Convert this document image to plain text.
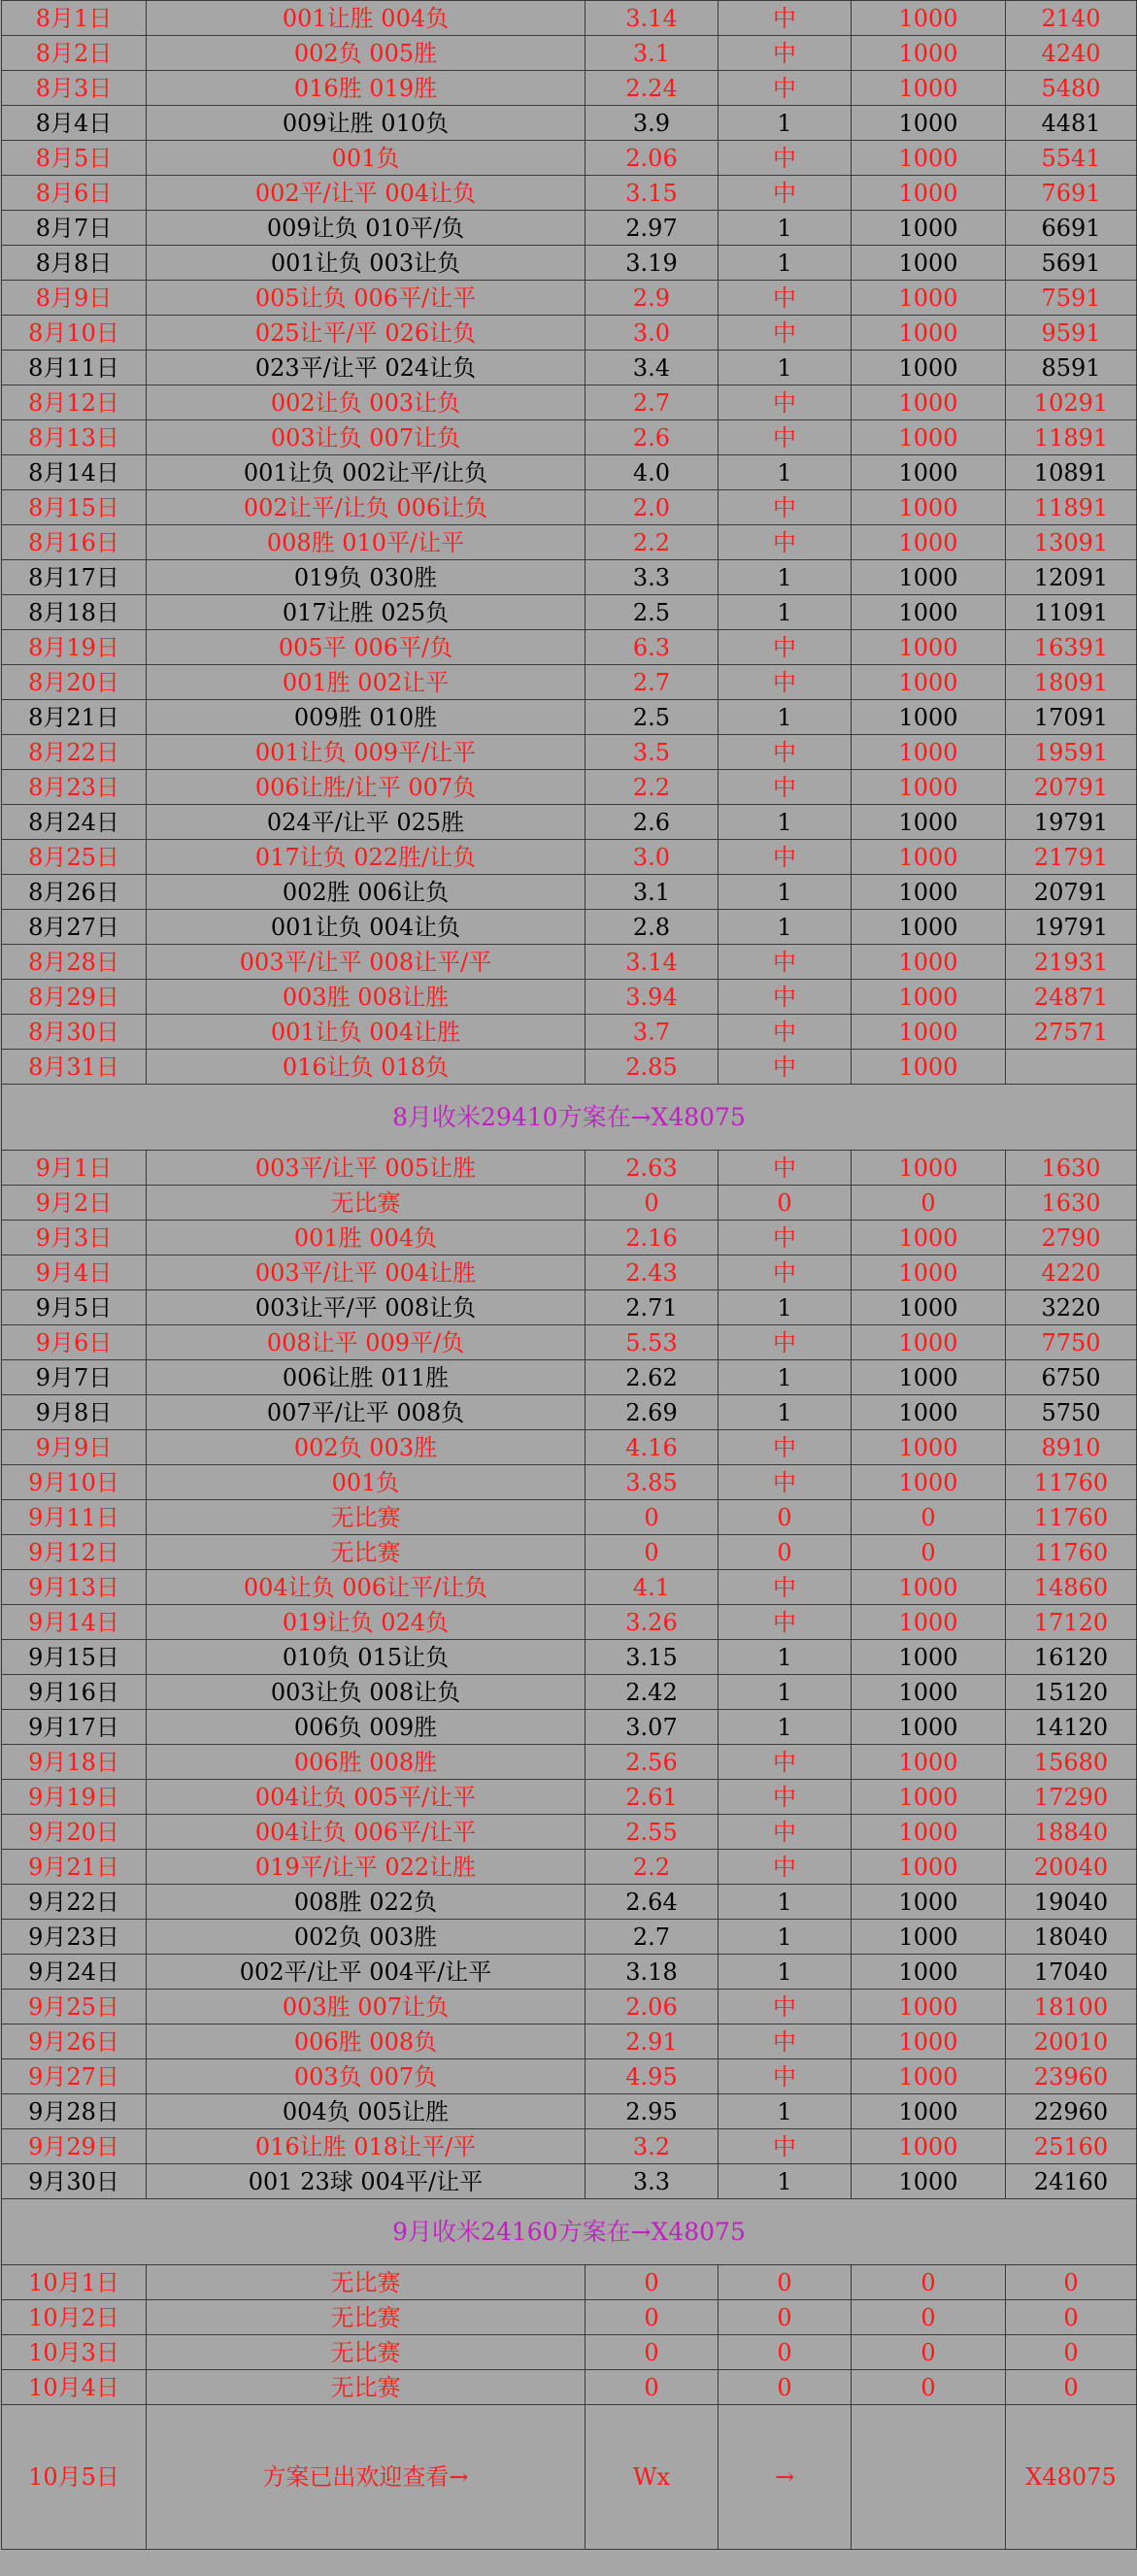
8月1日	001让胜 004负	3.14	中	1000	2140
8月2日	002负 005胜	3.1	中	1000	4240
8月3日	016胜 019胜	2.24	中	1000	5480
8月4日	009让胜 010负	3.9	1	1000	4481
8月5日	001负	2.06	中	1000	5541
8月6日	002平/让平 004让负	3.15	中	1000	7691
8月7日	009让负 010平/负	2.97	1	1000	6691
8月8日	001让负 003让负	3.19	1	1000	5691
8月9日	005让负 006平/让平	2.9	中	1000	7591
8月10日	025让平/平 026让负	3.0	中	1000	9591
8月11日	023平/让平 024让负	3.4	1	1000	8591
8月12日	002让负 003让负	2.7	中	1000	10291
8月13日	003让负 007让负	2.6	中	1000	11891
8月14日	001让负 002让平/让负	4.0	1	1000	10891
8月15日	002让平/让负 006让负	2.0	中	1000	11891
8月16日	008胜 010平/让平	2.2	中	1000	13091
8月17日	019负 030胜	3.3	1	1000	12091
8月18日	017让胜 025负	2.5	1	1000	11091
8月19日	005平 006平/负	6.3	中	1000	16391
8月20日	001胜 002让平	2.7	中	1000	18091
8月21日	009胜 010胜	2.5	1	1000	17091
8月22日	001让负 009平/让平	3.5	中	1000	19591
8月23日	006让胜/让平 007负	2.2	中	1000	20791
8月24日	024平/让平 025胜	2.6	1	1000	19791
8月25日	017让负 022胜/让负	3.0	中	1000	21791
8月26日	002胜 006让负	3.1	1	1000	20791
8月27日	001让负 004让负	2.8	1	1000	19791
8月28日	003平/让平 008让平/平	3.14	中	1000	21931
8月29日	003胜 008让胜	3.94	中	1000	24871
8月30日	001让负 004让胜	3.7	中	1000	27571
8月31日	016让负 018负	2.85	中	1000	
8月收米29410方案在→X48075					
9月1日	003平/让平 005让胜	2.63	中	1000	1630
9月2日	无比赛	0	0	0	1630
9月3日	001胜 004负	2.16	中	1000	2790
9月4日	003平/让平 004让胜	2.43	中	1000	4220
9月5日	003让平/平 008让负	2.71	1	1000	3220
9月6日	008让平 009平/负	5.53	中	1000	7750
9月7日	006让胜 011胜	2.62	1	1000	6750
9月8日	007平/让平 008负	2.69	1	1000	5750
9月9日	002负 003胜	4.16	中	1000	8910
9月10日	001负	3.85	中	1000	11760
9月11日	无比赛	0	0	0	11760
9月12日	无比赛	0	0	0	11760
9月13日	004让负 006让平/让负	4.1	中	1000	14860
9月14日	019让负 024负	3.26	中	1000	17120
9月15日	010负 015让负	3.15	1	1000	16120
9月16日	003让负 008让负	2.42	1	1000	15120
9月17日	006负 009胜	3.07	1	1000	14120
9月18日	006胜 008胜	2.56	中	1000	15680
9月19日	004让负 005平/让平	2.61	中	1000	17290
9月20日	004让负 006平/让平	2.55	中	1000	18840
9月21日	019平/让平 022让胜	2.2	中	1000	20040
9月22日	008胜 022负	2.64	1	1000	19040
9月23日	002负 003胜	2.7	1	1000	18040
9月24日	002平/让平 004平/让平	3.18	1	1000	17040
9月25日	003胜 007让负	2.06	中	1000	18100
9月26日	006胜 008负	2.91	中	1000	20010
9月27日	003负 007负	4.95	中	1000	23960
9月28日	004负 005让胜	2.95	1	1000	22960
9月29日	016让胜 018让平/平	3.2	中	1000	25160
9月30日	001 23球 004平/让平	3.3	1	1000	24160
9月收米24160方案在→X48075					
10月1日	无比赛	0	0	0	0
10月2日	无比赛	0	0	0	0
10月3日	无比赛	0	0	0	0
10月4日	无比赛	0	0	0	0
10月5日	方案已出欢迎查看→	Wx	→		X48075
